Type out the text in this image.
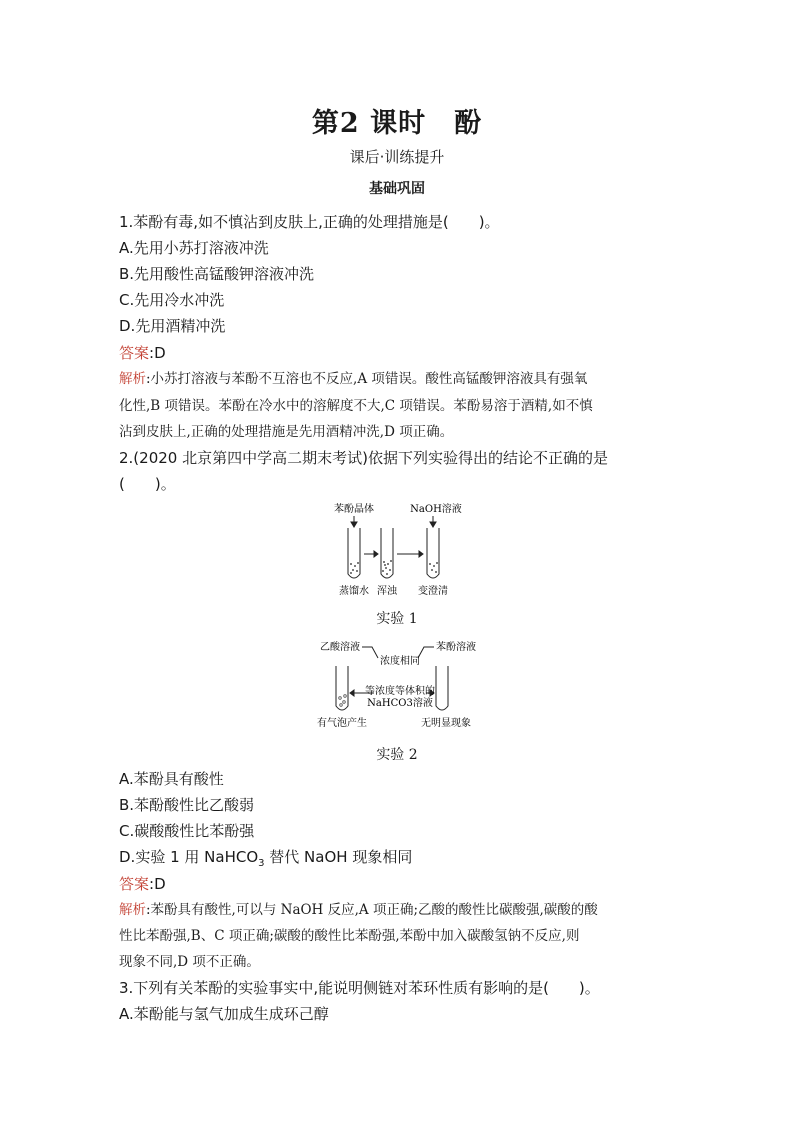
第2 课时　酚
课后·训练提升
基础巩固
1.苯酚有毒,如不慎沾到皮肤上,正确的处理措施是(　　)。
A.先用小苏打溶液冲洗
B.先用酸性高锰酸钾溶液冲洗
C.先用冷水冲洗
D.先用酒精冲洗
答案:D
解析:小苏打溶液与苯酚不互溶也不反应,A 项错误。酸性高锰酸钾溶液具有强氧
化性,B 项错误。苯酚在冷水中的溶解度不大,C 项错误。苯酚易溶于酒精,如不慎
沾到皮肤上,正确的处理措施是先用酒精冲洗,D 项正确。
2.(2020 北京第四中学高二期末考试)依据下列实验得出的结论不正确的是
(　　)。
苯酚晶体	NaOH溶液
蒸馏水 浑浊 变澄清
实验 1
乙酸溶液	苯酚溶液
浓度相同
等浓度等体积的
NaHCO3溶液
有气泡产生	无明显现象
实验 2
A.苯酚具有酸性
B.苯酚酸性比乙酸弱
C.碳酸酸性比苯酚强
D.实验 1 用 NaHCO$_3$ 替代 NaOH 现象相同
答案:D
解析:苯酚具有酸性,可以与 NaOH 反应,A 项正确;乙酸的酸性比碳酸强,碳酸的酸
性比苯酚强,B、C 项正确;碳酸的酸性比苯酚强,苯酚中加入碳酸氢钠不反应,则
现象不同,D 项不正确。
3.下列有关苯酚的实验事实中,能说明侧链对苯环性质有影响的是(　　)。
A.苯酚能与氢气加成生成环己醇
